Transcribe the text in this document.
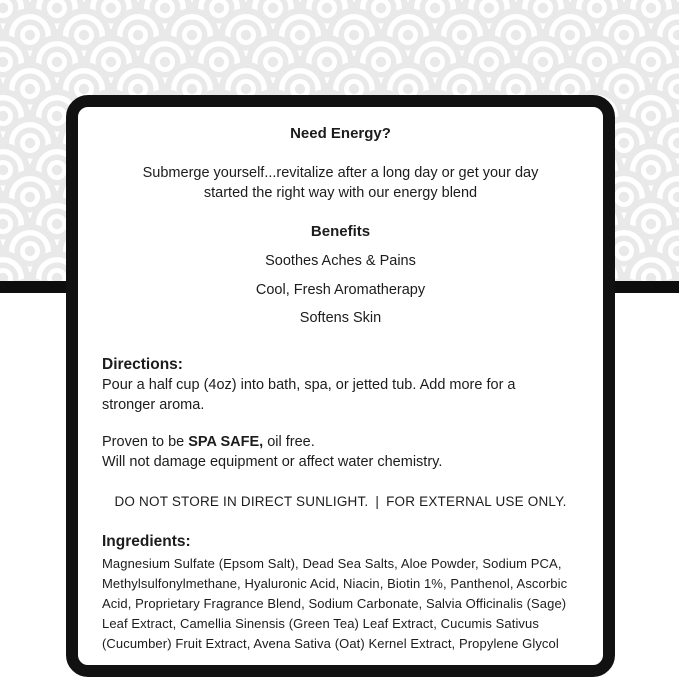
Need Energy?
Submerge yourself...revitalize after a long day or get your day
started the right way with our energy blend
Benefits
Soothes Aches & Pains
Cool, Fresh Aromatherapy
Softens Skin
Directions:
Pour a half cup (4oz) into bath, spa, or jetted tub. Add more for a
stronger aroma.
Proven to be SPA SAFE, oil free.
Will not damage equipment or affect water chemistry.
DO NOT STORE IN DIRECT SUNLIGHT. | FOR EXTERNAL USE ONLY.
Ingredients:
Magnesium Sulfate (Epsom Salt), Dead Sea Salts, Aloe Powder, Sodium PCA,
Methylsulfonylmethane, Hyaluronic Acid, Niacin, Biotin 1%, Panthenol, Ascorbic
Acid, Proprietary Fragrance Blend, Sodium Carbonate, Salvia Officinalis (Sage)
Leaf Extract, Camellia Sinensis (Green Tea) Leaf Extract, Cucumis Sativus
(Cucumber) Fruit Extract, Avena Sativa (Oat) Kernel Extract, Propylene Glycol
